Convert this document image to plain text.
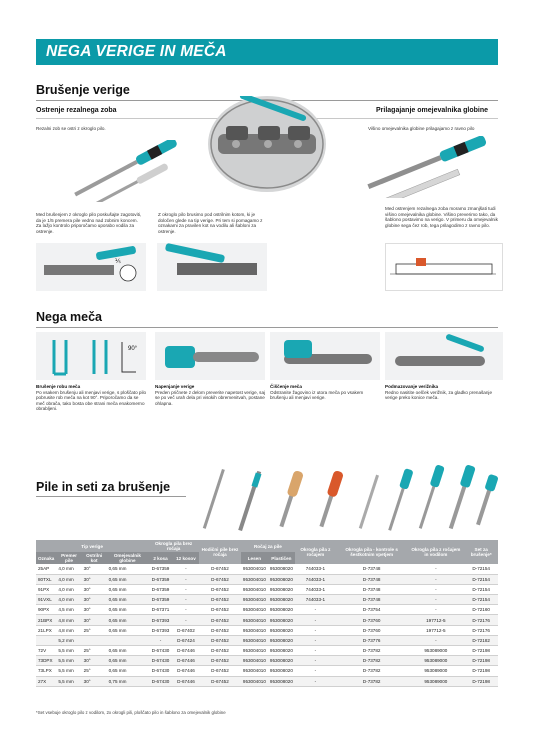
NEGA VERIGE IN MEČA
Brušenje verige
Ostrenje rezalnega zoba	Prilagajanje omejevalnika globine
Rezalni zob se ostri z okroglo pilo.	Višino omejevalnika globine prilagajamo z ravno pilo
Med brušenjem z okroglo pilo poskušajte zagotoviti, da je 1/5 premera pile vedno nad zobnim koncem. Za lažjo kontrolo priporočamo uporabo vodila za ostrenje.
Z okroglo pilo brusimo pod ostrilnim kotom, ki je določen glede na tip verige. Pri tem si pomagamo z oznakami za pravilen kot na vodilu ali šabloni za ostrenje.
Med ostrenjem rezalnega zoba moramo zmanjšati tudi višino omejevalnika globine. Višino preverimo tako, da šablono postavimo na verigo. V primeru da omejevalnik globine sega čez rob, tega prilagodimo z ravno pilo.
⅕
Nega meča
90°
Brušenje robu meča
Po vsakem brušenju ali menjavi verige, s ploščato pilo pobrusite rob meča na kot 90°. Priporočamo da se meč obrača, tako bosta obe strani meča enakomerno obrabljeni.
Napenjanje verige
Preden pričnete z delom preverite napetost verige, saj se po več urah dela pri visokih obremenitvah, postane ohlapna.
Čiščenje meča
Odstranite žagovino iz utora meča po vsakem brušenju ali menjavi verige.
Podmazovanje verižnika
Redno nasitite oelček verižnik, za gladko prenašanje verige preko konice meča.
Pile in seti za brušenje
Tip verige				Okrogla pila brez ročaja		Hodični pile brez ročaja	Ročaj za pile		Okrogla pila z ročajem	Okrogla pila - kontrole s šestkotnim vpetjem	Okrogla pila z ročajem in vodilom	Set za brušenje*
Oznaka	Premer pile	Ostrilni kot	Omejevalnik globine	2 kosa	12 kosov		Lesen	Plastičen				
25AP	4,0 mm	30°	0,65 mm	D-67359	-	D-67452	953004010	953008020	744033-1	D-73748	-	D-72154
80TXL	4,0 mm	30°	0,65 mm	D-67359	-	D-67452	953004010	953008020	744033-1	D-73748	-	D-72154
91PX	4,0 mm	30°	0,65 mm	D-67359	-	D-67452	953004010	953008020	744033-1	D-73748	-	D-72154
91VXL	4,0 mm	30°	0,65 mm	D-67359	-	D-67452	953004010	953008020	744033-1	D-73748	-	D-72154
90PX	4,5 mm	30°	0,65 mm	D-67371	-	D-67452	953004010	953008020	-	D-73754	-	D-72160
21BPX	4,8 mm	30°	0,65 mm	D-67393	-	D-67452	953004010	953008020	-	D-73760	197712-5	D-72176
21LPX	4,8 mm	25°	0,65 mm	D-67393	D-67402	D-67452	953004010	953008020	-	D-73760	197712-5	D-72176
	5,2 mm			-	D-67424	D-67452	953004010	953008020	-	D-73776	-	D-72182
72V	5,5 mm	25°	0,65 mm	D-67430	D-67446	D-67452	953004010	953008020	-	D-73782	953089000	D-72198
73DPX	5,5 mm	30°	0,65 mm	D-67430	D-67446	D-67452	953004010	953008020	-	D-73782	953089000	D-72198
73LPX	5,5 mm	25°	0,65 mm	D-67430	D-67446	D-67452	953004010	953008020	-	D-73782	953089000	D-72198
27X	5,5 mm	30°	0,75 mm	D-67430	D-67446	D-67452	953004010	953008020	-	D-73782	953089000	D-72198
*Set vsebuje okroglo pilo z vodilom, 2x okrogli pili, ploščato pilo in šablono za omejevalnik globine
